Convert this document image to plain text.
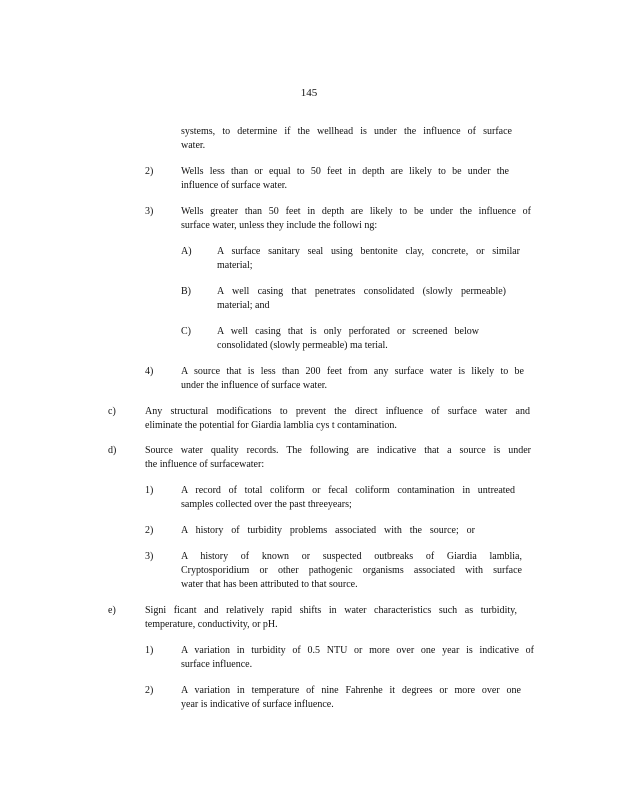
145
systems, to determine if the wellhead is under the influence of surface
water.
2)	Wells less than or equal to 50 feet in depth are likely to be under the
influence of surface water.
3)	Wells greater than 50 feet in depth are likely to be under the influence of
surface water, unless they include the followi ng:
A)	A surface sanitary seal using bentonite clay, concrete, or similar
material;
B)	A well casing that penetrates consolidated (slowly permeable)
material; and
C)	A well casing that is only perforated or screened below
consolidated (slowly permeable) ma terial.
4)	A source that is less than 200 feet from any surface water is likely to be
under the influence of surface water.
c)	Any structural modifications to prevent the direct influence of surface water and
eliminate the potential for Giardia lamblia cys t contamination.
d)	Source water quality records. The following are indicative that a source is under
the influence of surfacewater:
1)	A record of total coliform or fecal coliform contamination in untreated
samples collected over the past threeyears;
2)	A history of turbidity problems associated with the source; or
3)	A history of known or suspected outbreaks of Giardia lamblia,
Cryptosporidium or other pathogenic organisms associated with surface
water that has been attributed to that source.
e)	Signi ficant and relatively rapid shifts in water characteristics such as turbidity,
temperature, conductivity, or pH.
1)	A variation in turbidity of 0.5 NTU or more over one year is indicative of
surface influence.
2)	A variation in temperature of nine Fahrenhe it degrees or more over one
year is indicative of surface influence.
